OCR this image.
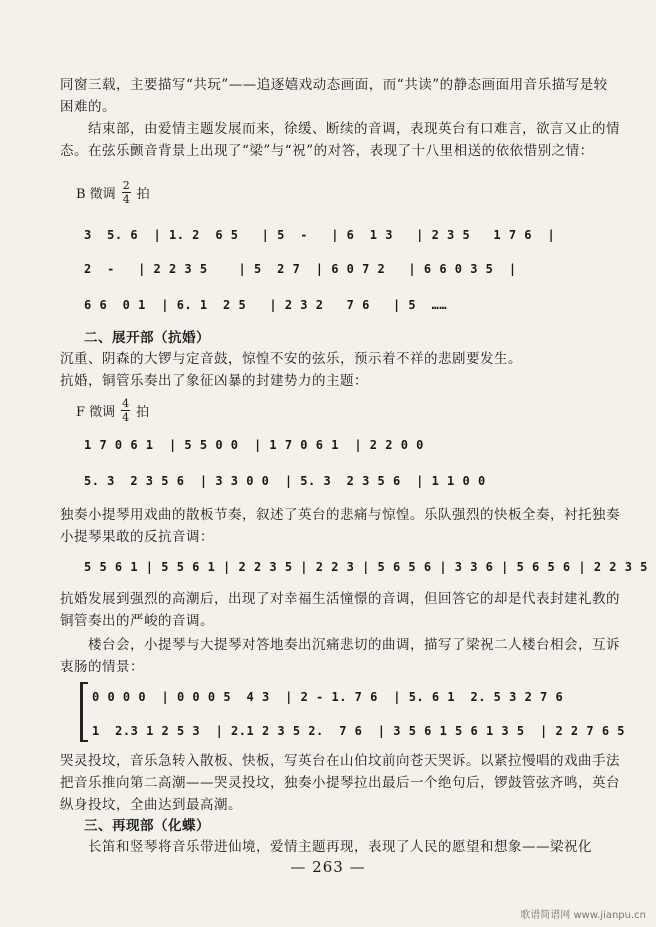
同窗三载，主要描写“共玩”——追逐嬉戏动态画面，而“共读”的静态画面用音乐描写是较困难的。
结束部，由爱情主题发展而来，徐缓、断续的音调，表现英台有口难言，欲言又止的情态。在弦乐颤音背景上出现了“梁”与“祝”的对答，表现了十八里相送的依依惜别之情：
B 徵调 $\frac{2}{4}$ 拍
3  5. 6  | 1. 2  6 5   | 5  -   | 6  1 3   | 2 3 5   1 7 6  |
2  -   | 2 2 3 5    | 5  2 7  | 6 0 7 2   | 6 6 0 3 5  |
6 6  0 1  | 6. 1  2 5   | 2 3 2   7 6   | 5  ……
二、展开部（抗婚）
沉重、阴森的大锣与定音鼓，惊惶不安的弦乐，预示着不祥的悲剧要发生。
抗婚，铜管乐奏出了象征凶暴的封建势力的主题：
F 徵调 $\frac{4}{4}$ 拍
1 7 0 6 1  | 5 5 0 0  | 1 7 0 6 1  | 2 2 0 0
5. 3  2 3 5 6  | 3 3 0 0  | 5. 3  2 3 5 6  | 1 1 0 0
独奏小提琴用戏曲的散板节奏，叙述了英台的悲痛与惊惶。乐队强烈的快板全奏，衬托独奏小提琴果敢的反抗音调：
5 5 6 1 | 5 5 6 1 | 2 2 3 5 | 2 2 3 | 5 6 5 6 | 3 3 6 | 5 6 5 6 | 2 2 3 5
抗婚发展到强烈的高潮后，出现了对幸福生活憧憬的音调，但回答它的却是代表封建礼教的铜管奏出的严峻的音调。
楼台会，小提琴与大提琴对答地奏出沉痛悲切的曲调，描写了梁祝二人楼台相会，互诉衷肠的情景：
0 0 0 0  | 0 0 0 5  4 3  | 2 - 1. 7 6  | 5. 6 1  2. 5 3 2 7 6
1  2.3 1 2 5 3  | 2.1 2 3 5 2.  7 6  | 3 5 6 1 5 6 1 3 5  | 2 2 7 6 5
哭灵投坟，音乐急转入散板、快板，写英台在山伯坟前向苍天哭诉。以紧拉慢唱的戏曲手法把音乐推向第二高潮——哭灵投坟，独奏小提琴拉出最后一个绝句后，锣鼓管弦齐鸣，英台纵身投坟，全曲达到最高潮。
三、再现部（化蝶）
长笛和竖琴将音乐带进仙境，爱情主题再现，表现了人民的愿望和想象——梁祝化
— 263 —
歌谱简谱网 www.jianpu.cn
